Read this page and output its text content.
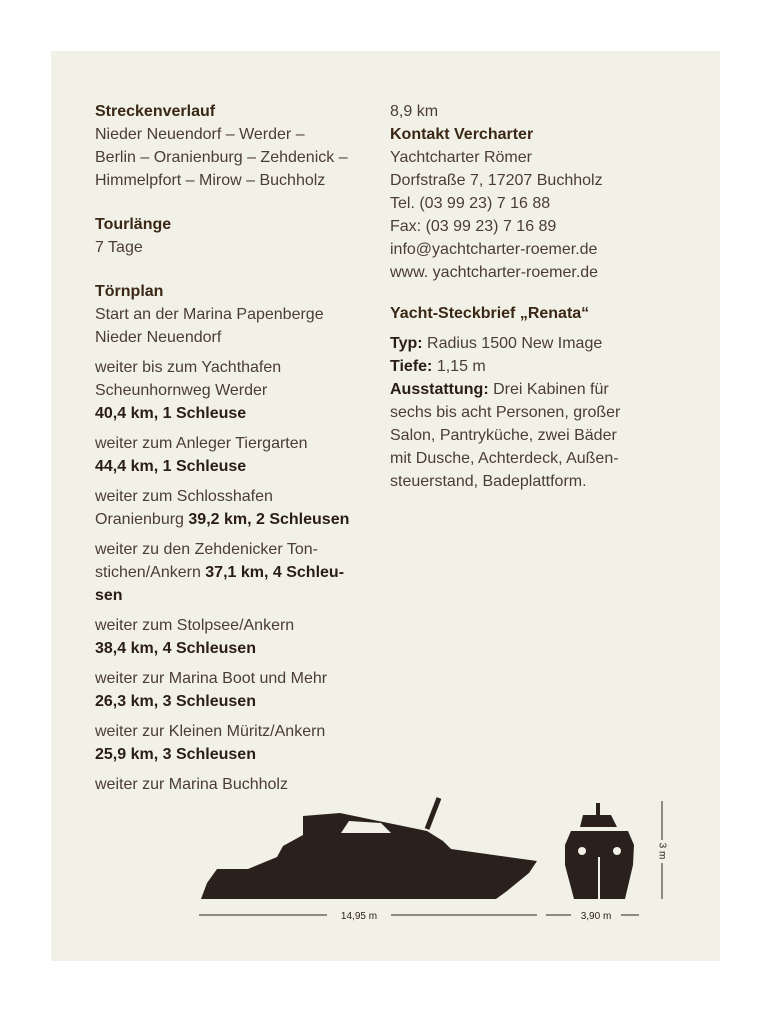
Streckenverlauf
Nieder Neuendorf – Werder –
Berlin – Oranienburg – Zehdenick –
Himmelpfort – Mirow – Buchholz
Tourlänge
7 Tage
Törnplan
Start an der Marina Papenberge
Nieder Neuendorf
weiter bis zum Yachthafen
Scheunhornweg Werder
40,4 km, 1 Schleuse
weiter zum Anleger Tiergarten
44,4 km, 1 Schleuse
weiter zum Schlosshafen
Oranienburg 39,2 km, 2 Schleusen
weiter zu den Zehdenicker Ton-
stichen/Ankern 37,1 km, 4 Schleu-
sen
weiter zum Stolpsee/Ankern
38,4 km, 4 Schleusen
weiter zur Marina Boot und Mehr
26,3 km, 3 Schleusen
weiter zur Kleinen Müritz/Ankern
25,9 km, 3 Schleusen
weiter zur Marina Buchholz
8,9 km
Kontakt Vercharter
Yachtcharter Römer
Dorfstraße 7, 17207 Buchholz
Tel. (03 99 23) 7 16 88
Fax: (03 99 23) 7 16 89
info@yachtcharter-roemer.de
www. yachtcharter-roemer.de
Yacht-Steckbrief „Renata“
Typ: Radius 1500 New Image
Tiefe: 1,15 m
Ausstattung: Drei Kabinen für
sechs bis acht Personen, großer
Salon, Pantryküche, zwei Bäder
mit Dusche, Achterdeck, Außen-
steuerstand, Badeplattform.
3 m
14,95 m	3,90 m
